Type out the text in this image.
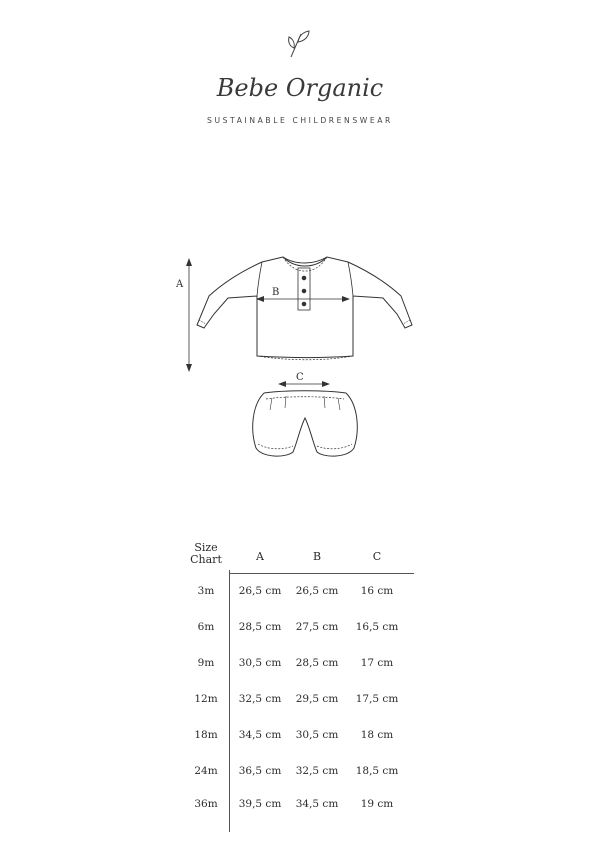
Bebe Organic
SUSTAINABLE CHILDRENSWEAR
A
B
C
Size
Chart	A	B	C
3m	26,5 cm	26,5 cm	16 cm
6m	28,5 cm	27,5 cm	16,5 cm
9m	30,5 cm	28,5 cm	17 cm
12m	32,5 cm	29,5 cm	17,5 cm
18m	34,5 cm	30,5 cm	18 cm
24m	36,5 cm	32,5 cm	18,5 cm
36m	39,5 cm	34,5 cm	19 cm
